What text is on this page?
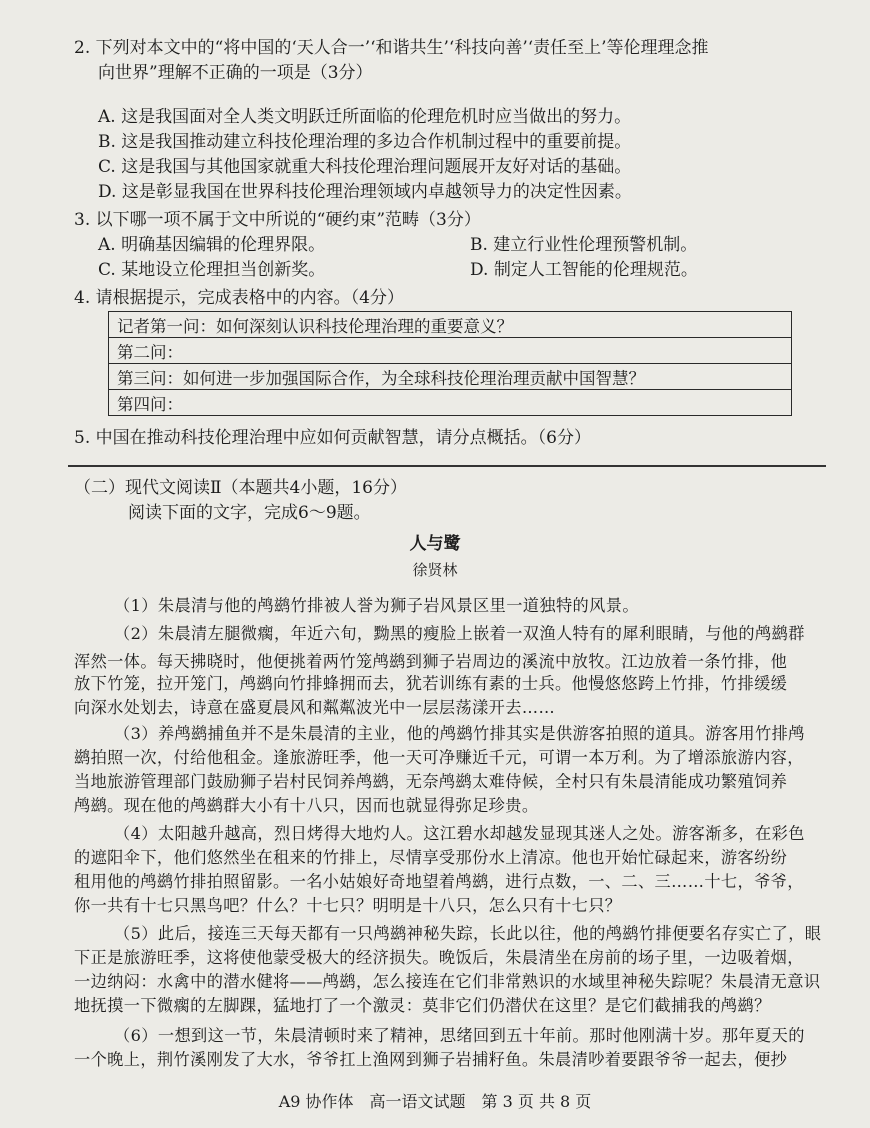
2. 下列对本文中的“将中国的‘天人合一’‘和谐共生’‘科技向善’‘责任至上’等伦理理念推
向世界”理解不正确的一项是（3分）
A. 这是我国面对全人类文明跃迁所面临的伦理危机时应当做出的努力。
B. 这是我国推动建立科技伦理治理的多边合作机制过程中的重要前提。
C. 这是我国与其他国家就重大科技伦理治理问题展开友好对话的基础。
D. 这是彰显我国在世界科技伦理治理领域内卓越领导力的决定性因素。
3. 以下哪一项不属于文中所说的“硬约束”范畴（3分）
A. 明确基因编辑的伦理界限。	B. 建立行业性伦理预警机制。
C. 某地设立伦理担当创新奖。	D. 制定人工智能的伦理规范。
4. 请根据提示，完成表格中的内容。（4分）
记者第一问：如何深刻认识科技伦理治理的重要意义？
第二问：
第三问：如何进一步加强国际合作，为全球科技伦理治理贡献中国智慧？
第四问：
5. 中国在推动科技伦理治理中应如何贡献智慧，请分点概括。（6分）
（二）现代文阅读Ⅱ（本题共4小题，16分）
阅读下面的文字，完成6～9题。
人与鹭
徐贤林
（1）朱晨清与他的鸬鹚竹排被人誉为狮子岩风景区里一道独特的风景。
（2）朱晨清左腿微瘸，年近六旬，黝黑的瘦脸上嵌着一双渔人特有的犀利眼睛，与他的鸬鹚群
浑然一体。每天拂晓时，他便挑着两竹笼鸬鹚到狮子岩周边的溪流中放牧。江边放着一条竹排，他
放下竹笼，拉开笼门，鸬鹚向竹排蜂拥而去，犹若训练有素的士兵。他慢悠悠跨上竹排，竹排缓缓
向深水处划去，诗意在盛夏晨风和粼粼波光中一层层荡漾开去……
（3）养鸬鹚捕鱼并不是朱晨清的主业，他的鸬鹚竹排其实是供游客拍照的道具。游客用竹排鸬
鹚拍照一次，付给他租金。逢旅游旺季，他一天可净赚近千元，可谓一本万利。为了增添旅游内容，
当地旅游管理部门鼓励狮子岩村民饲养鸬鹚，无奈鸬鹚太难侍候，全村只有朱晨清能成功繁殖饲养
鸬鹚。现在他的鸬鹚群大小有十八只，因而也就显得弥足珍贵。
（4）太阳越升越高，烈日烤得大地灼人。这江碧水却越发显现其迷人之处。游客渐多，在彩色
的遮阳伞下，他们悠然坐在租来的竹排上，尽情享受那份水上清凉。他也开始忙碌起来，游客纷纷
租用他的鸬鹚竹排拍照留影。一名小姑娘好奇地望着鸬鹚，进行点数，一、二、三……十七，爷爷，
你一共有十七只黑鸟吧？什么？十七只？明明是十八只，怎么只有十七只？
（5）此后，接连三天每天都有一只鸬鹚神秘失踪，长此以往，他的鸬鹚竹排便要名存实亡了，眼
下正是旅游旺季，这将使他蒙受极大的经济损失。晚饭后，朱晨清坐在房前的场子里，一边吸着烟，
一边纳闷：水禽中的潜水健将——鸬鹚，怎么接连在它们非常熟识的水域里神秘失踪呢？朱晨清无意识
地抚摸一下微瘸的左脚踝，猛地打了一个激灵：莫非它们仍潜伏在这里？是它们截捕我的鸬鹚？
（6）一想到这一节，朱晨清顿时来了精神，思绪回到五十年前。那时他刚满十岁。那年夏天的
一个晚上，荆竹溪刚发了大水，爷爷扛上渔网到狮子岩捕籽鱼。朱晨清吵着要跟爷爷一起去，便抄
A9 协作体　高一语文试题　第 3 页 共 8 页
